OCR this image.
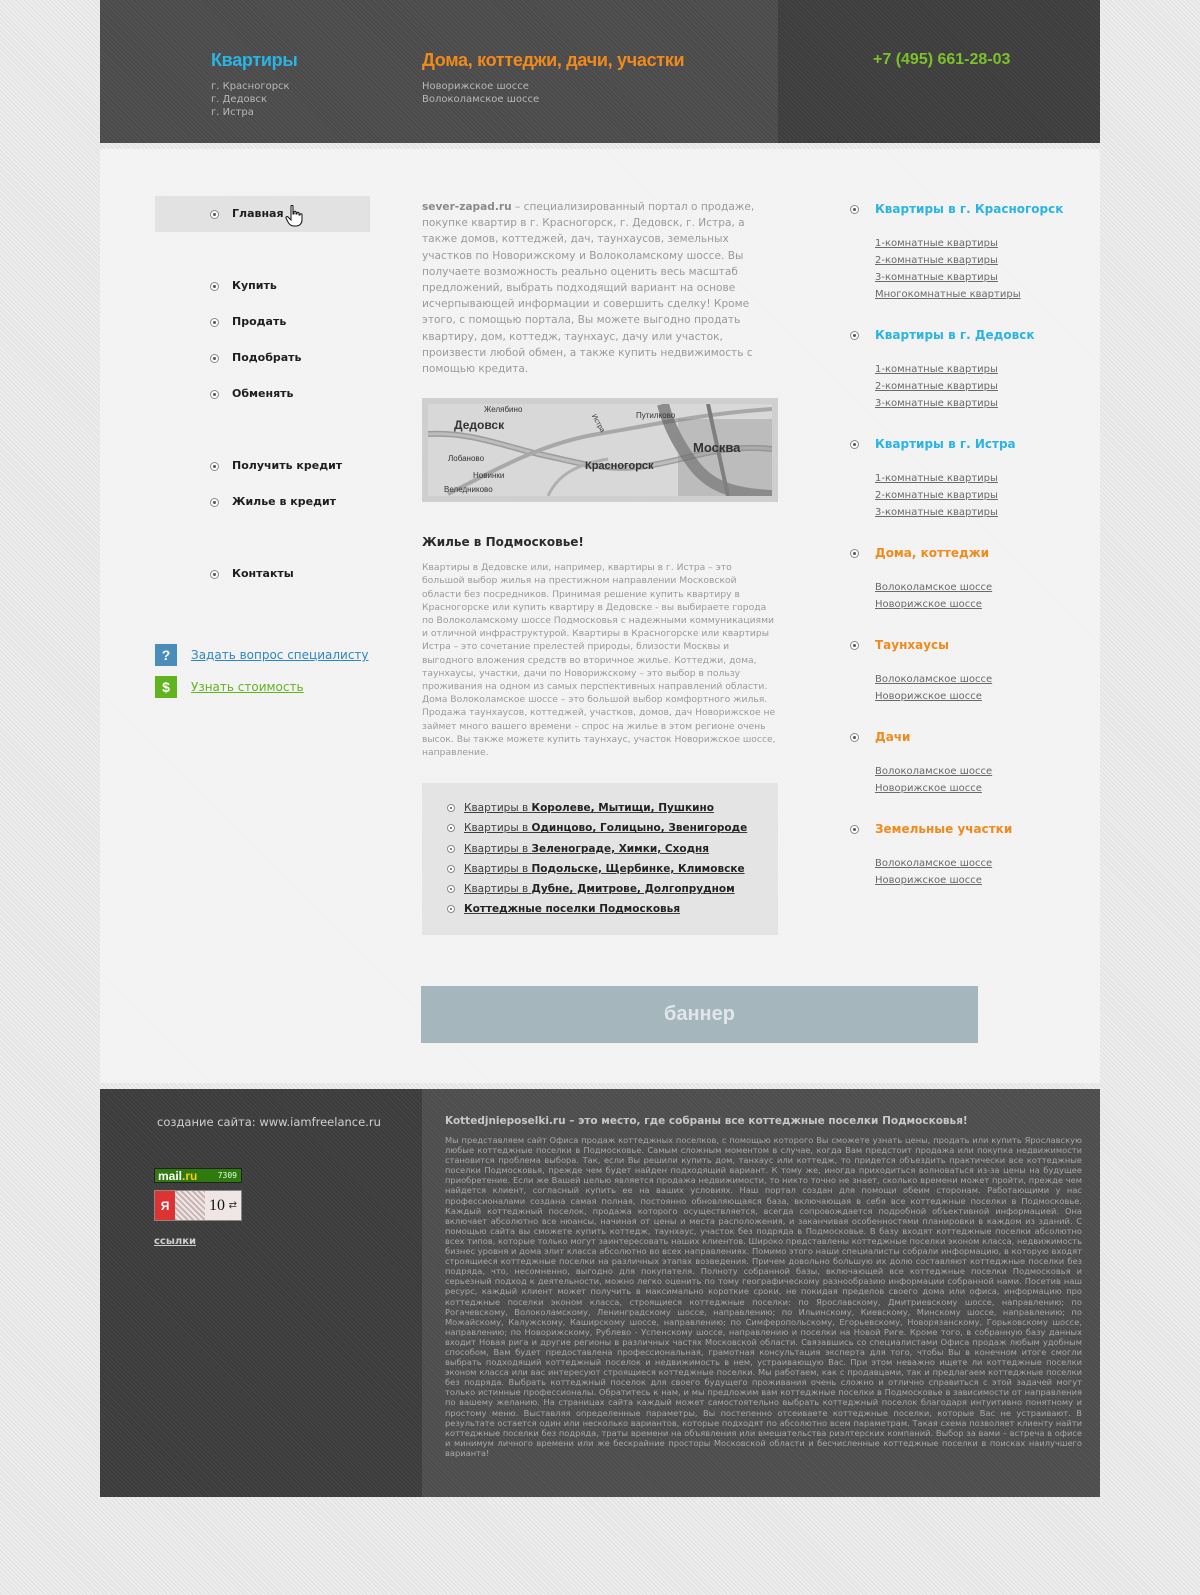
Квартиры
г. Красногорск
г. Дедовск
г. Истра
Дома, коттеджи, дачи, участки
Новорижское шоссе
Волоколамское шоссе
+7 (495) 661-28-03
Главная
Купить
Продать
Подобрать
Обменять
Получить кредит
Жилье в кредит
Контакты
?	Задать вопрос специалисту
$	Узнать стоимость

sever-zapad.ru – специализированный портал о продаже, покупке квартир в г. Красногорск, г. Дедовск, г. Истра, а также домов, коттеджей, дач, таунхаусов, земельных участков по Новорижскому и Волоколамскому шоссе. Вы получаете возможность реально оценить весь масштаб предложений, выбрать подходящий вариант на основе исчерпывающей информации и совершить сделку! Кроме этого, с помощью портала, Вы можете выгодно продать квартиру, дом, коттедж, таунхаус, дачу или участок, произвести любой обмен, а также купить недвижимость с помощью кредита.

Желябино
Дедовск
Путилково
Москва
Лобаново
Новинки
Красногорск
Веледниково
Истра
Жилье в Подмосковье!

Квартиры в Дедовске или, например, квартиры в г. Истра – это большой выбор жилья на престижном направлении Московской области без посредников. Принимая решение купить квартиру в Красногорске или купить квартиру в Дедовске - вы выбираете города по Волоколамскому шоссе Подмосковья с надежными коммуникациями и отличной инфраструктурой. Квартиры в Красногорске или квартиры Истра – это сочетание прелестей природы, близости Москвы и выгодного вложения средств во вторичное жилье. Коттеджи, дома, таунхаусы, участки, дачи по Новорижскому – это выбор в пользу проживания на одном из самых перспективных направлений области. Дома Волоколамское шоссе – это большой выбор комфортного жилья. Продажа таунхаусов, коттеджей, участков, домов, дач Новорижское не займет много вашего времени – спрос на жилье в этом регионе очень высок. Вы также можете купить таунхаус, участок Новорижское шоссе, направление.

Квартиры в Королеве, Мытищи, Пушкино
Квартиры в Одинцово, Голицыно, Звенигороде
Квартиры в Зеленограде, Химки, Сходня
Квартиры в Подольске, Щербинке, Климовске
Квартиры в Дубне, Дмитрове, Долгопрудном
Коттеджные поселки Подмосковья
баннер
Квартиры в г. Красногорск
1-комнатные квартиры
2-комнатные квартиры
3-комнатные квартиры
Многокомнатные квартиры
Квартиры в г. Дедовск
1-комнатные квартиры
2-комнатные квартиры
3-комнатные квартиры
Квартиры в г. Истра
1-комнатные квартиры
2-комнатные квартиры
3-комнатные квартиры
Дома, коттеджи
Волоколамское шоссе
Новорижское шоссе
Таунхаусы
Волоколамское шоссе
Новорижское шоссе
Дачи
Волоколамское шоссе
Новорижское шоссе
Земельные участки
Волоколамское шоссе
Новорижское шоссе
создание сайта: www.iamfreelance.ru
mail.ru	7309
Я	10 ⇄
ссылки
Kottedjnieposelki.ru – это место, где собраны все коттеджные поселки Подмосковья!

Мы представляем сайт Офиса продаж коттеджных поселков, с помощью которого Вы сможете узнать цены, продать или купить Ярославскую любые коттеджные поселки в Подмосковье. Самым сложным моментом в случае, когда Вам предстоит продажа или покупка недвижимости становится проблема выбора. Так, если Вы решили купить дом, танхаус или коттедж, то придется объездить практически все коттеджные поселки Подмосковья, прежде чем будет найден подходящий вариант. К тому же, иногда приходиться волноваться из-за цены на будущее приобретение. Если же Вашей целью является продажа недвижимости, то никто точно не знает, сколько времени может пройти, прежде чем найдется клиент, согласный купить ее на ваших условиях. Наш портал создан для помощи обеим сторонам. Работающими у нас профессионалами создана самая полная, постоянно обновляющаяся база, включающая в себя все коттеджные поселки в Подмосковье. Каждый коттеджный поселок, продажа которого осуществляется, всегда сопровождается подробной объективной информацией. Она включает абсолютно все нюансы, начиная от цены и места расположения, и заканчивая особенностями планировки в каждом из зданий. С помощью сайта вы сможете купить коттедж, таунхаус, участок без подряда в Подмосковье. В базу входят коттеджные поселки абсолютно всех типов, которые только могут заинтересовать наших клиентов. Широко представлены коттеджные поселки эконом класса, недвижимость бизнес уровня и дома элит класса абсолютно во всех направлениях. Помимо этого наши специалисты собрали информацию, в которую входят строящиеся коттеджные поселки на различных этапах возведения. Причем довольно большую их долю составляют коттеджные поселки без подряда, что, несомненно, выгодно для покупателя. Полноту собранной базы, включающей все коттеджные поселки Подмосковья и серьезный подход к деятельности, можно легко оценить по тому географическому разнообразию информации собранной нами. Посетив наш ресурс, каждый клиент может получить в максимально короткие сроки, не покидая пределов своего дома или офиса, информацию про коттеджные поселки эконом класса, строящиеся коттеджные поселки: по Ярославскому, Дмитриевскому шоссе, направлению; по Рогачевскому, Волоколамскому, Ленинградскому шоссе, направлению; по Ильинскому, Киевскому, Минскому шоссе, направлению; по Можайскому, Калужскому, Каширскому шоссе, направлению; по Симферопольскому, Егорьевскому, Новорязанскому, Горьковскому шоссе, направлению; по Новорижскому, Рублево - Успенскому шоссе, направлению и поселки на Новой Риге. Кроме того, в собранную базу данных входит Новая рига и другие регионы в различных частях Московской области. Связавшись со специалистами Офиса продаж любым удобным способом, Вам будет предоставлена профессиональная, грамотная консультация эксперта для того, чтобы Вы в конечном итоге смогли выбрать подходящий коттеджный поселок и недвижимость в нем, устраивающую Вас. При этом неважно ищете ли коттеджные поселки эконом класса или вас интересуют строящиеся коттеджные поселки. Мы работаем, как с продавцами, так и предлагаем коттеджные поселки без подряда. Выбрать коттеджный поселок для своего будущего проживания очень сложно и отлично справиться с этой задачей могут только истинные профессионалы. Обратитесь к нам, и мы предложим вам коттеджные поселки в Подмосковье в зависимости от направления по вашему желанию. На страницах сайта каждый может самостоятельно выбрать коттеджный поселок благодаря интуитивно понятному и простому меню. Выставляя определенные параметры, Вы постепенно отсеиваете коттеджные поселки, которые Вас не устраивают. В результате остается один или несколько вариантов, которые подходят по абсолютно всем параметрам. Такая схема позволяет клиенту найти коттеджные поселки без подряда, траты времени на объявления или вмешательства риэлтерских компаний. Выбор за вами – встреча в офисе и минимум личного времени или же бескрайние просторы Московской области и бесчисленные коттеджные поселки в поисках наилучшего варианта!
